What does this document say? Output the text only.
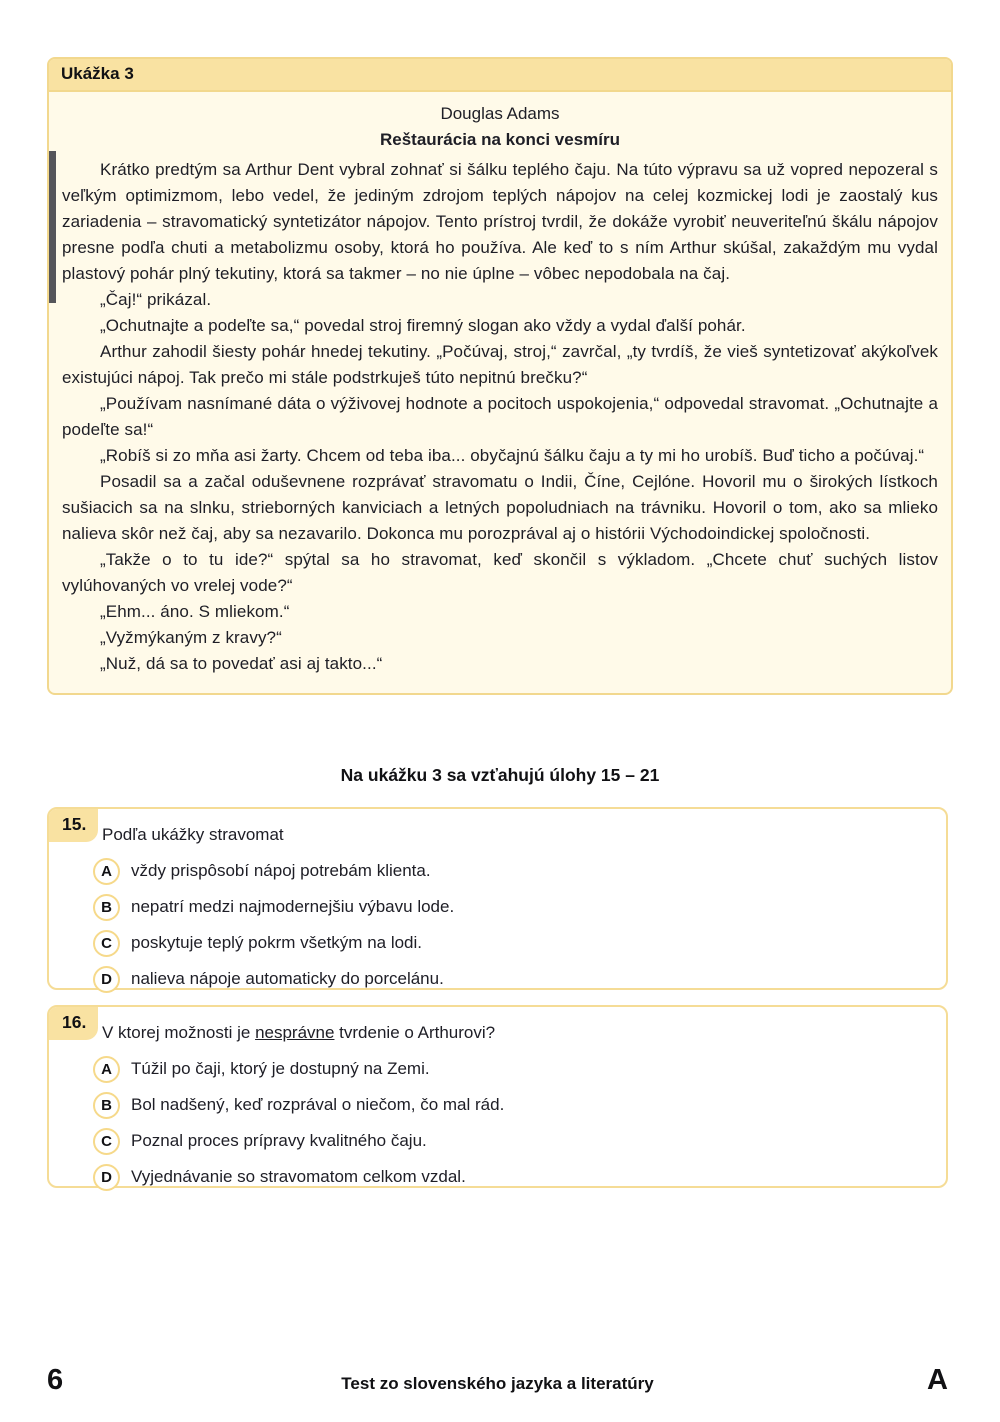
Ukážka 3

Douglas Adams

Reštaurácia na konci vesmíru

Krátko predtým sa Arthur Dent vybral zohnať si šálku teplého čaju. Na túto výpravu sa už vopred nepozeral s veľkým optimizmom, lebo vedel, že jediným zdrojom teplých nápojov na celej kozmickej lodi je zaostalý kus zariadenia – stravomatický syntetizátor nápojov. Tento prístroj tvrdil, že dokáže vyrobiť neuveriteľnú škálu nápojov presne podľa chuti a metabolizmu osoby, ktorá ho používa. Ale keď to s ním Arthur skúšal, zakaždým mu vydal plastový pohár plný tekutiny, ktorá sa takmer – no nie úplne – vôbec nepodobala na čaj.

„Čaj!“ prikázal.

„Ochutnajte a podeľte sa,“ povedal stroj firemný slogan ako vždy a vydal ďalší pohár.

Arthur zahodil šiesty pohár hnedej tekutiny. „Počúvaj, stroj,“ zavrčal, „ty tvrdíš, že vieš syntetizovať akýkoľvek existujúci nápoj. Tak prečo mi stále podstrkuješ túto nepitnú brečku?“

„Používam nasnímané dáta o výživovej hodnote a pocitoch uspokojenia,“ odpovedal stravomat. „Ochutnajte a podeľte sa!“

„Robíš si zo mňa asi žarty. Chcem od teba iba... obyčajnú šálku čaju a ty mi ho urobíš. Buď ticho a počúvaj.“

Posadil sa a začal oduševnene rozprávať stravomatu o Indii, Číne, Cejlóne. Hovoril mu o širokých lístkoch sušiacich sa na slnku, strieborných kanviciach a letných popoludniach na trávniku. Hovoril o tom, ako sa mlieko nalieva skôr než čaj, aby sa nezavarilo. Dokonca mu porozprával aj o histórii Východoindickej spoločnosti.

„Takže o to tu ide?“ spýtal sa ho stravomat, keď skončil s výkladom. „Chcete chuť suchých listov vylúhovaných vo vrelej vode?“

„Ehm... áno. S mliekom.“

„Vyžmýkaným z kravy?“

„Nuž, dá sa to povedať asi aj takto...“

Na ukážku 3 sa vzťahujú úlohy 15 – 21
15.
Podľa ukážky stravomat
A	vždy prispôsobí nápoj potrebám klienta.
B	nepatrí medzi najmodernejšiu výbavu lode.
C	poskytuje teplý pokrm všetkým na lodi.
D	nalieva nápoje automaticky do porcelánu.
16.
V ktorej možnosti je nesprávne tvrdenie o Arthurovi?
A	Túžil po čaji, ktorý je dostupný na Zemi.
B	Bol nadšený, keď rozprával o niečom, čo mal rád.
C	Poznal proces prípravy kvalitného čaju.
D	Vyjednávanie so stravomatom celkom vzdal.
6	Test zo slovenského jazyka a literatúry	A
